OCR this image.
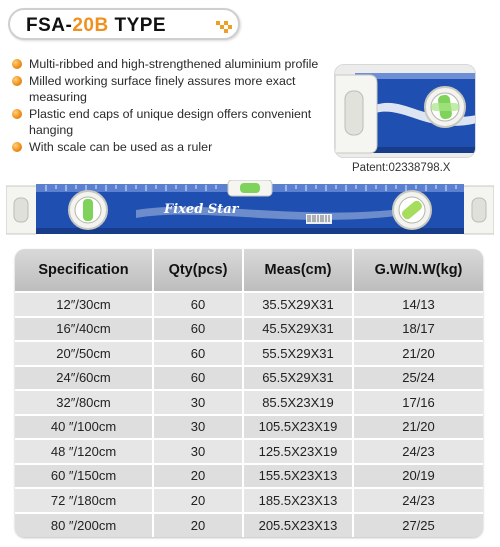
FSA-20B TYPE
Multi-ribbed and high-strengthened aluminium profile
Milled working surface finely assures more exact measuring
Plastic end caps of unique design offers convenient hanging
With scale can be used as a ruler
Patent:02338798.X
Fixed Star
Specification	Qty(pcs)	Meas(cm)	G.W/N.W(kg)
12″/30cm	60	35.5X29X31	14/13
16″/40cm	60	45.5X29X31	18/17
20″/50cm	60	55.5X29X31	21/20
24″/60cm	60	65.5X29X31	25/24
32″/80cm	30	85.5X23X19	17/16
40 ″/100cm	30	105.5X23X19	21/20
48 ″/120cm	30	125.5X23X19	24/23
60 ″/150cm	20	155.5X23X13	20/19
72 ″/180cm	20	185.5X23X13	24/23
80 ″/200cm	20	205.5X23X13	27/25
